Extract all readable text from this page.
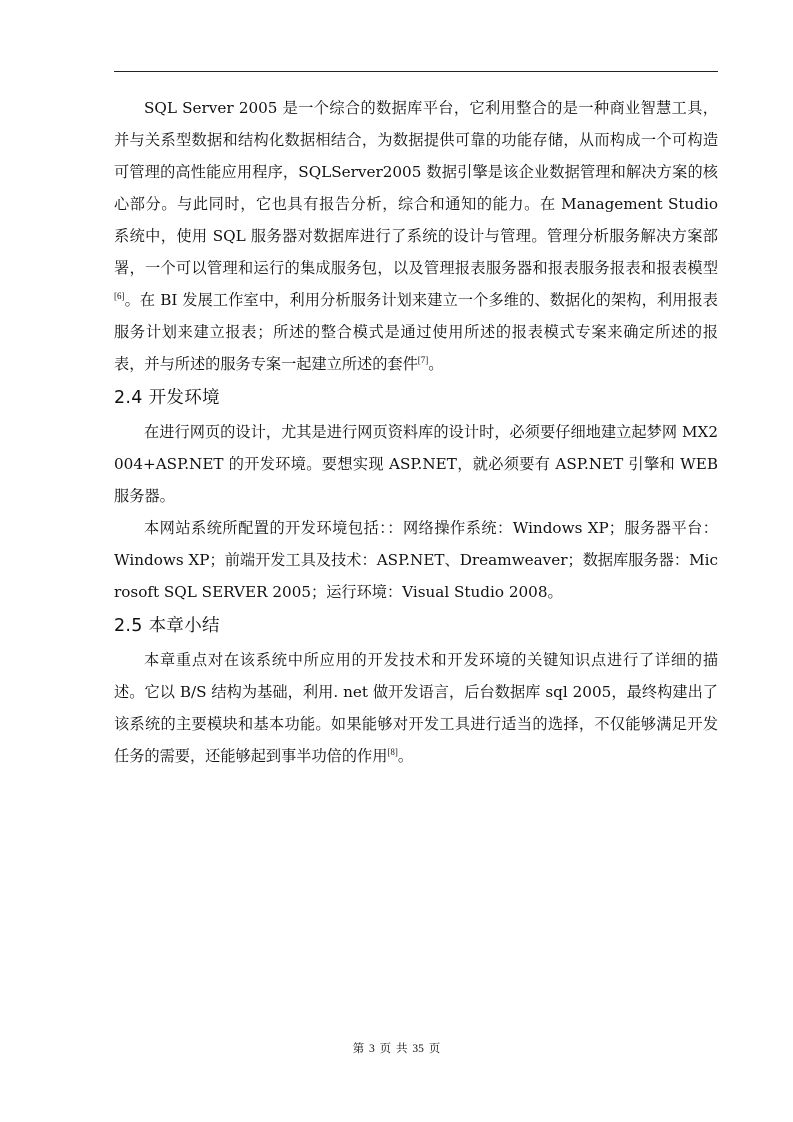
SQL Server 2005 是一个综合的数据库平台，它利用整合的是一种商业智慧工具，并与关系型数据和结构化数据相结合，为数据提供可靠的功能存储，从而构成一个可构造可管理的高性能应用程序，SQLServer2005 数据引擎是该企业数据管理和解决方案的核心部分。与此同时，它也具有报告分析，综合和通知的能力。在 Management Studio 系统中，使用 SQL 服务器对数据库进行了系统的设计与管理。管理分析服务解决方案部署，一个可以管理和运行的集成服务包，以及管理报表服务器和报表服务报表和报表模型[6]。在 BI 发展工作室中，利用分析服务计划来建立一个多维的、数据化的架构，利用报表服务计划来建立报表；所述的整合模式是通过使用所述的报表模式专案来确定所述的报表，并与所述的服务专案一起建立所述的套件[7]。

2.4 开发环境

在进行网页的设计，尤其是进行网页资料库的设计时，必须要仔细地建立起梦网 MX2004+ASP.NET 的开发环境。要想实现 ASP.NET，就必须要有 ASP.NET 引擎和 WEB 服务器。

本网站系统所配置的开发环境包括：：网络操作系统：Windows XP；服务器平台：Windows XP；前端开发工具及技术：ASP.NET、Dreamweaver；数据库服务器：Microsoft SQL SERVER 2005；运行环境：Visual Studio 2008。

2.5 本章小结

本章重点对在该系统中所应用的开发技术和开发环境的关键知识点进行了详细的描述。它以 B/S 结构为基础，利用. net 做开发语言，后台数据库 sql 2005，最终构建出了该系统的主要模块和基本功能。如果能够对开发工具进行适当的选择，不仅能够满足开发任务的需要，还能够起到事半功倍的作用[8]。

第 3 页 共 35 页
